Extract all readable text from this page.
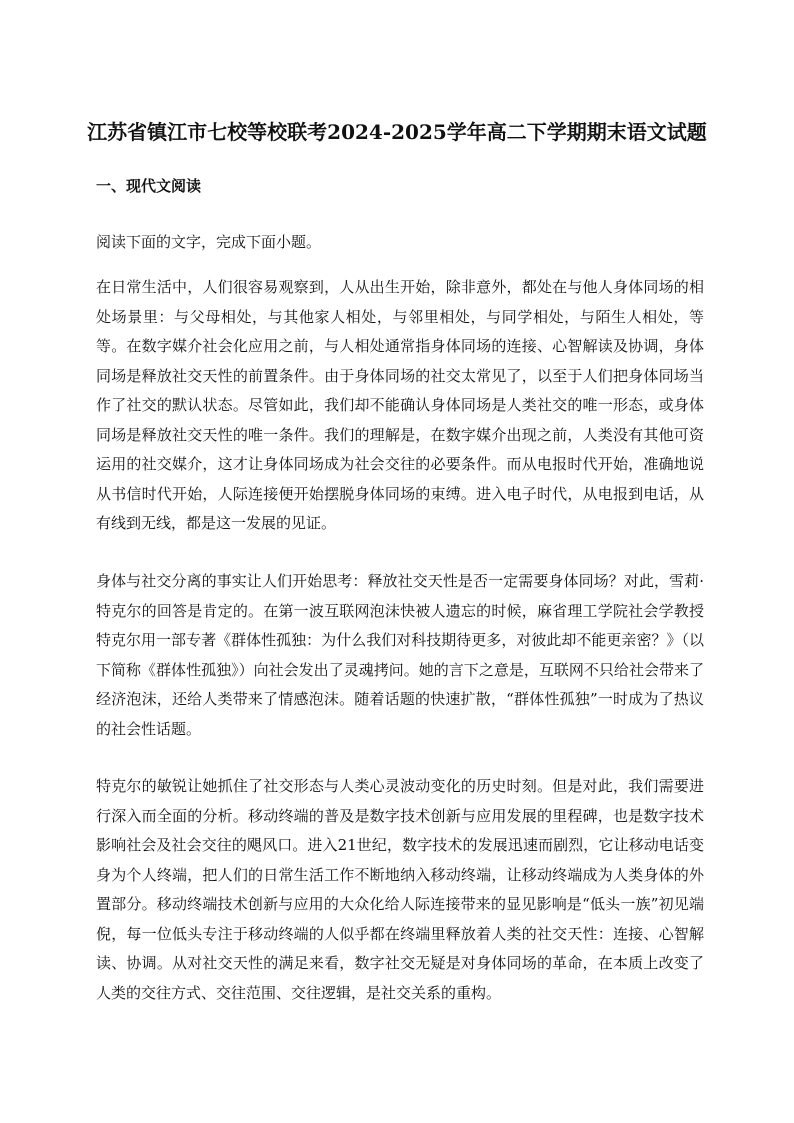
江苏省镇江市七校等校联考2024-2025学年高二下学期期末语文试题
一、现代文阅读
阅读下面的文字，完成下面小题。

在日常生活中，人们很容易观察到，人从出生开始，除非意外，都处在与他人身体同场的相处场景里：与父母相处，与其他家人相处，与邻里相处，与同学相处，与陌生人相处，等等。在数字媒介社会化应用之前，与人相处通常指身体同场的连接、心智解读及协调，身体同场是释放社交天性的前置条件。由于身体同场的社交太常见了，以至于人们把身体同场当作了社交的默认状态。尽管如此，我们却不能确认身体同场是人类社交的唯一形态，或身体同场是释放社交天性的唯一条件。我们的理解是，在数字媒介出现之前，人类没有其他可资运用的社交媒介，这才让身体同场成为社会交往的必要条件。而从电报时代开始，准确地说从书信时代开始，人际连接便开始摆脱身体同场的束缚。进入电子时代，从电报到电话，从有线到无线，都是这一发展的见证。

身体与社交分离的事实让人们开始思考：释放社交天性是否一定需要身体同场？对此，雪莉·特克尔的回答是肯定的。在第一波互联网泡沫快被人遗忘的时候，麻省理工学院社会学教授特克尔用一部专著《群体性孤独：为什么我们对科技期待更多，对彼此却不能更亲密？》（以下简称《群体性孤独》）向社会发出了灵魂拷问。她的言下之意是，互联网不只给社会带来了经济泡沫，还给人类带来了情感泡沫。随着话题的快速扩散，“群体性孤独”一时成为了热议的社会性话题。

特克尔的敏锐让她抓住了社交形态与人类心灵波动变化的历史时刻。但是对此，我们需要进行深入而全面的分析。移动终端的普及是数字技术创新与应用发展的里程碑，也是数字技术影响社会及社会交往的飓风口。进入21世纪，数字技术的发展迅速而剧烈，它让移动电话变身为个人终端，把人们的日常生活工作不断地纳入移动终端，让移动终端成为人类身体的外置部分。移动终端技术创新与应用的大众化给人际连接带来的显见影响是“低头一族”初见端倪，每一位低头专注于移动终端的人似乎都在终端里释放着人类的社交天性：连接、心智解读、协调。从对社交天性的满足来看，数字社交无疑是对身体同场的革命，在本质上改变了人类的交往方式、交往范围、交往逻辑，是社交关系的重构。
